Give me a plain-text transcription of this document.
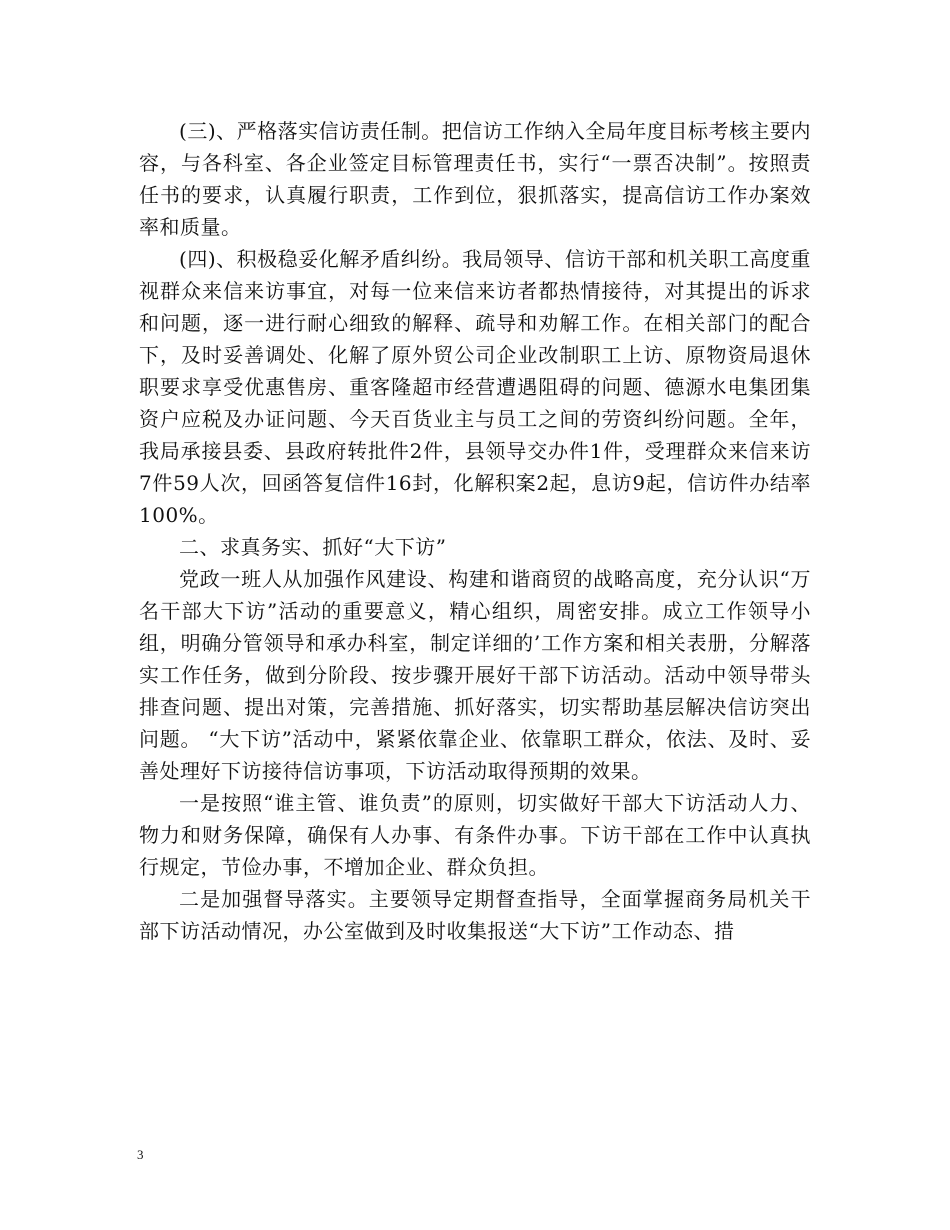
(三)、严格落实信访责任制。把信访工作纳入全局年度目标考核主要内容，与各科室、各企业签定目标管理责任书，实行“一票否决制”。按照责任书的要求，认真履行职责，工作到位，狠抓落实，提高信访工作办案效率和质量。

(四)、积极稳妥化解矛盾纠纷。我局领导、信访干部和机关职工高度重视群众来信来访事宜，对每一位来信来访者都热情接待，对其提出的诉求和问题，逐一进行耐心细致的解释、疏导和劝解工作。在相关部门的配合下，及时妥善调处、化解了原外贸公司企业改制职工上访、原物资局退休职要求享受优惠售房、重客隆超市经营遭遇阻碍的问题、德源水电集团集资户应税及办证问题、今天百货业主与员工之间的劳资纠纷问题。全年，我局承接县委、县政府转批件2件，县领导交办件1件，受理群众来信来访7件59人次，回函答复信件16封，化解积案2起，息访9起，信访件办结率100%。

二、求真务实、抓好“大下访”

党政一班人从加强作风建设、构建和谐商贸的战略高度，充分认识“万名干部大下访”活动的重要意义，精心组织，周密安排。成立工作领导小组，明确分管领导和承办科室，制定详细的’工作方案和相关表册，分解落实工作任务，做到分阶段、按步骤开展好干部下访活动。活动中领导带头排查问题、提出对策，完善措施、抓好落实，切实帮助基层解决信访突出问题。 “大下访”活动中，紧紧依靠企业、依靠职工群众，依法、及时、妥善处理好下访接待信访事项，下访活动取得预期的效果。

一是按照“谁主管、谁负责”的原则，切实做好干部大下访活动人力、物力和财务保障，确保有人办事、有条件办事。下访干部在工作中认真执行规定，节俭办事，不增加企业、群众负担。

二是加强督导落实。主要领导定期督查指导，全面掌握商务局机关干部下访活动情况，办公室做到及时收集报送“大下访”工作动态、措

3
